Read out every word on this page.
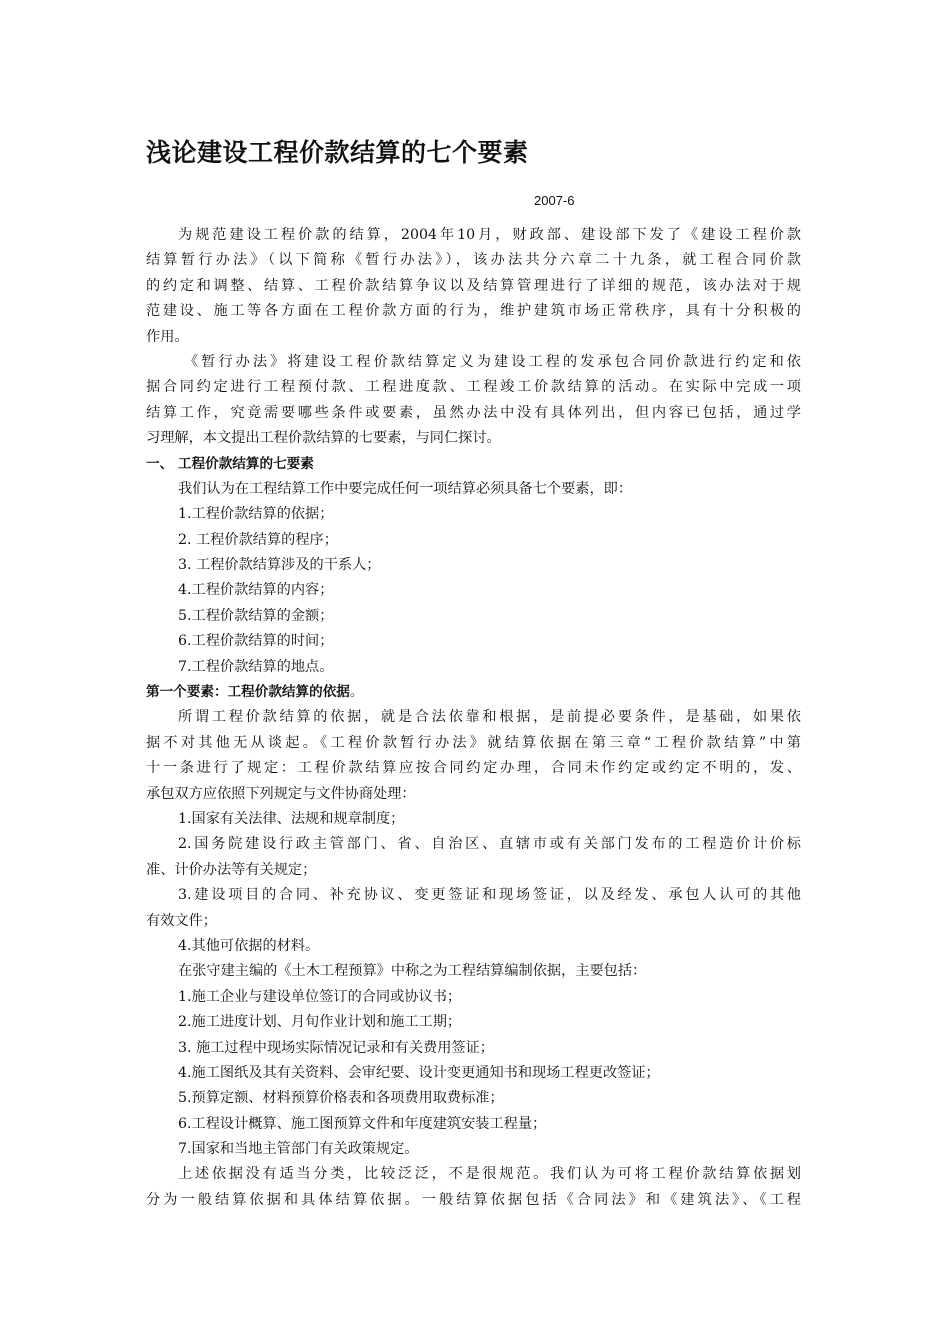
浅论建设工程价款结算的七个要素

2007-6

为规范建设工程价款的结算，2004年10月，财政部、建设部下发了《建设工程价款
结算暂行办法》（以下简称《暂行办法》），该办法共分六章二十九条，就工程合同价款
的约定和调整、结算、工程价款结算争议以及结算管理进行了详细的规范，该办法对于规
范建设、施工等各方面在工程价款方面的行为，维护建筑市场正常秩序，具有十分积极的
作用。
《暂行办法》将建设工程价款结算定义为建设工程的发承包合同价款进行约定和依
据合同约定进行工程预付款、工程进度款、工程竣工价款结算的活动。在实际中完成一项
结算工作，究竟需要哪些条件或要素，虽然办法中没有具体列出，但内容已包括，通过学
习理解，本文提出工程价款结算的七要素，与同仁探讨。
一、 工程价款结算的七要素
我们认为在工程结算工作中要完成任何一项结算必须具备七个要素，即：
1.工程价款结算的依据；
2. 工程价款结算的程序；
3. 工程价款结算涉及的干系人；
4.工程价款结算的内容；
5.工程价款结算的金额；
6.工程价款结算的时间；
7.工程价款结算的地点。
第一个要素：工程价款结算的依据。
所谓工程价款结算的依据，就是合法依靠和根据，是前提必要条件，是基础，如果依
据不对其他无从谈起。《工程价款暂行办法》就结算依据在第三章“工程价款结算”中第
十一条进行了规定：工程价款结算应按合同约定办理，合同未作约定或约定不明的，发、
承包双方应依照下列规定与文件协商处理：
1.国家有关法律、法规和规章制度；
2.国务院建设行政主管部门、省、自治区、直辖市或有关部门发布的工程造价计价标
准、计价办法等有关规定；
3.建设项目的合同、补充协议、变更签证和现场签证，以及经发、承包人认可的其他
有效文件；
4.其他可依据的材料。
在张守建主编的《土木工程预算》中称之为工程结算编制依据，主要包括：
1.施工企业与建设单位签订的合同或协议书；
2.施工进度计划、月旬作业计划和施工工期；
3. 施工过程中现场实际情况记录和有关费用签证；
4.施工图纸及其有关资料、会审纪要、设计变更通知书和现场工程更改签证；
5.预算定额、材料预算价格表和各项费用取费标准；
6.工程设计概算、施工图预算文件和年度建筑安装工程量；
7.国家和当地主管部门有关政策规定。
上述依据没有适当分类，比较泛泛，不是很规范。我们认为可将工程价款结算依据划
分为一般结算依据和具体结算依据。一般结算依据包括《合同法》和《建筑法》、《工程
